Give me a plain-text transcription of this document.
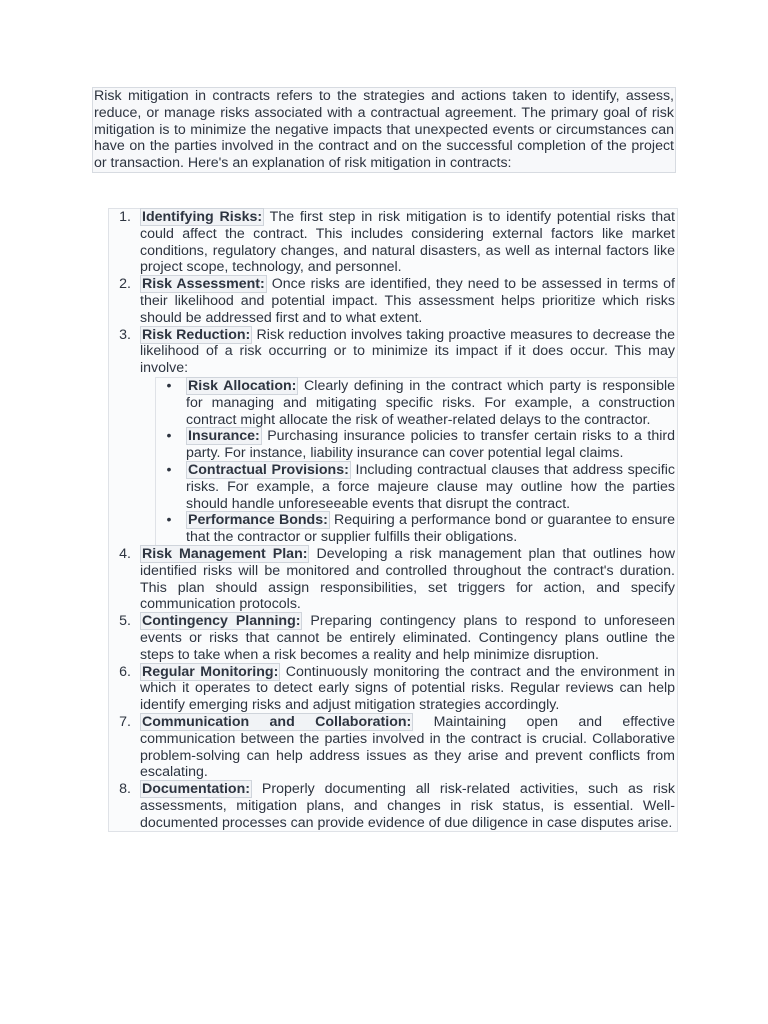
Risk mitigation in contracts refers to the strategies and actions taken to identify, assess, reduce, or manage risks associated with a contractual agreement. The primary goal of risk mitigation is to minimize the negative impacts that unexpected events or circumstances can have on the parties involved in the contract and on the successful completion of the project or transaction. Here's an explanation of risk mitigation in contracts:

1. Identifying Risks: The first step in risk mitigation is to identify potential risks that could affect the contract. This includes considering external factors like market conditions, regulatory changes, and natural disasters, as well as internal factors like project scope, technology, and personnel.
2. Risk Assessment: Once risks are identified, they need to be assessed in terms of their likelihood and potential impact. This assessment helps prioritize which risks should be addressed first and to what extent.
3. Risk Reduction: Risk reduction involves taking proactive measures to decrease the likelihood of a risk occurring or to minimize its impact if it does occur. This may involve:
• Risk Allocation: Clearly defining in the contract which party is responsible for managing and mitigating specific risks. For example, a construction contract might allocate the risk of weather-related delays to the contractor.
• Insurance: Purchasing insurance policies to transfer certain risks to a third party. For instance, liability insurance can cover potential legal claims.
• Contractual Provisions: Including contractual clauses that address specific risks. For example, a force majeure clause may outline how the parties should handle unforeseeable events that disrupt the contract.
• Performance Bonds: Requiring a performance bond or guarantee to ensure that the contractor or supplier fulfills their obligations.
4. Risk Management Plan: Developing a risk management plan that outlines how identified risks will be monitored and controlled throughout the contract's duration. This plan should assign responsibilities, set triggers for action, and specify communication protocols.
5. Contingency Planning: Preparing contingency plans to respond to unforeseen events or risks that cannot be entirely eliminated. Contingency plans outline the steps to take when a risk becomes a reality and help minimize disruption.
6. Regular Monitoring: Continuously monitoring the contract and the environment in which it operates to detect early signs of potential risks. Regular reviews can help identify emerging risks and adjust mitigation strategies accordingly.
7. Communication and Collaboration: Maintaining open and effective communication between the parties involved in the contract is crucial. Collaborative problem-solving can help address issues as they arise and prevent conflicts from escalating.
8. Documentation: Properly documenting all risk-related activities, such as risk assessments, mitigation plans, and changes in risk status, is essential. Well-documented processes can provide evidence of due diligence in case disputes arise.
